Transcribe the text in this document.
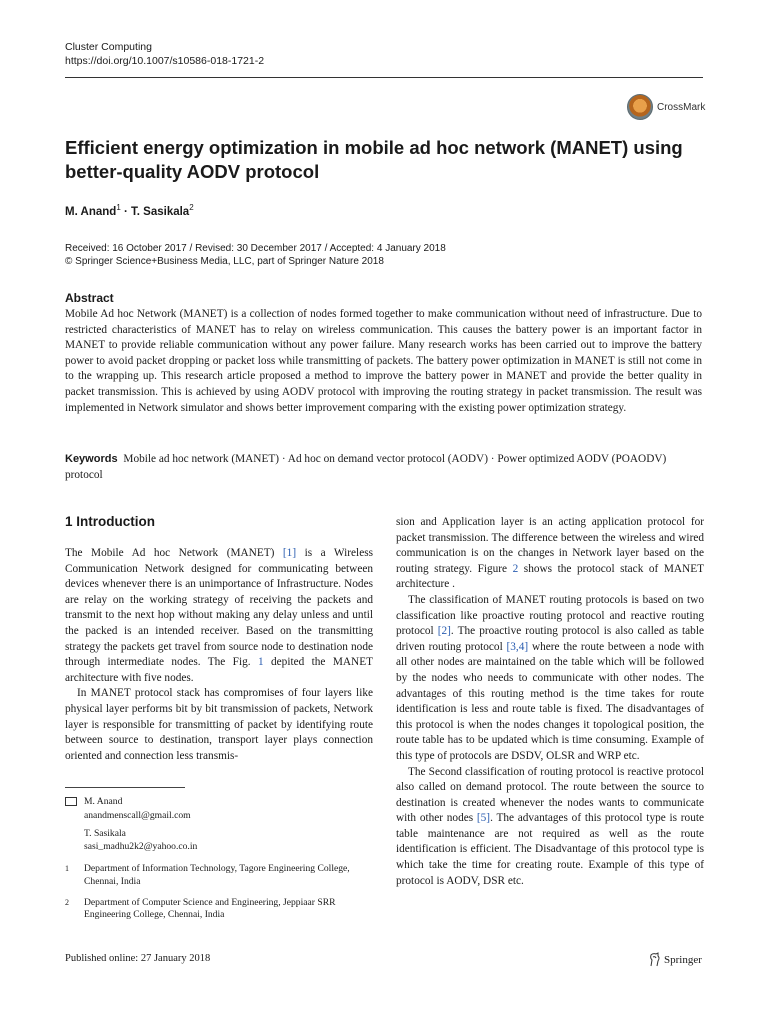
Cluster Computing
https://doi.org/10.1007/s10586-018-1721-2
CrossMark
Efficient energy optimization in mobile ad hoc network (MANET) using better-quality AODV protocol
M. Anand$^1$ · T. Sasikala$^2$
Received: 16 October 2017 / Revised: 30 December 2017 / Accepted: 4 January 2018
© Springer Science+Business Media, LLC, part of Springer Nature 2018
Abstract
Mobile Ad hoc Network (MANET) is a collection of nodes formed together to make communication without need of infrastructure. Due to restricted characteristics of MANET has to relay on wireless communication. This causes the battery power is an important factor in MANET to provide reliable communication without any power failure. Many research works has been carried out to improve the battery power to avoid packet dropping or packet loss while transmitting of packets. The battery power optimization in MANET is still not come in to the wrapping up. This research article proposed a method to improve the battery power in MANET and provide the better quality in packet transmission. This is achieved by using AODV protocol with improving the routing strategy in packet transmission. The result was implemented in Network simulator and shows better improvement comparing with the existing power optimization strategy.
Keywords Mobile ad hoc network (MANET) · Ad hoc on demand vector protocol (AODV) · Power optimized AODV (POAODV) protocol
1 Introduction

The Mobile Ad hoc Network (MANET) [1] is a Wireless Communication Network designed for communicating between devices whenever there is an unimportance of Infrastructure. Nodes are relay on the working strategy of receiving the packets and transmit to the next hop without making any delay unless and until the packed is an intended receiver. Based on the transmitting strategy the packets get travel from source node to destination node through intermediate nodes. The Fig. 1 depited the MANET architecture with five nodes.

In MANET protocol stack has compromises of four layers like physical layer performs bit by bit transmission of packets, Network layer is responsible for transmitting of packet by identifying route between source to destination, transport layer plays connection oriented and connection less transmis-

sion and Application layer is an acting application protocol for packet transmission. The difference between the wireless and wired communication is on the changes in Network layer based on the routing strategy. Figure 2 shows the protocol stack of MANET architecture .

The classification of MANET routing protocols is based on two classification like proactive routing protocol and reactive routing protocol [2]. The proactive routing protocol is also called as table driven routing protocol [3,4] where the route between a node with all other nodes are maintained on the table which will be followed by the nodes who needs to communicate with other nodes. The advantages of this routing method is the time takes for route identification is less and route table is fixed. The disadvantages of this protocol is when the nodes changes it topological position, the route table has to be updated which is time consuming. Example of this type of protocols are DSDV, OLSR and WRP etc.

The Second classification of routing protocol is reactive protocol also called on demand protocol. The route between the source to destination is created whenever the nodes wants to communicate with other nodes [5]. The advantages of this protocol type is route table maintenance are not required as well as the route identification is efficient. The Disadvantage of this protocol type is which take the time for creating route. Example of this type of protocol is AODV, DSR etc.

M. Anand
anandmenscall@gmail.com
T. Sasikala
sasi_madhu2k2@yahoo.co.in
1	Department of Information Technology, Tagore Engineering College, Chennai, India
2	Department of Computer Science and Engineering, Jeppiaar SRR Engineering College, Chennai, India
Published online: 27 January 2018	Springer
